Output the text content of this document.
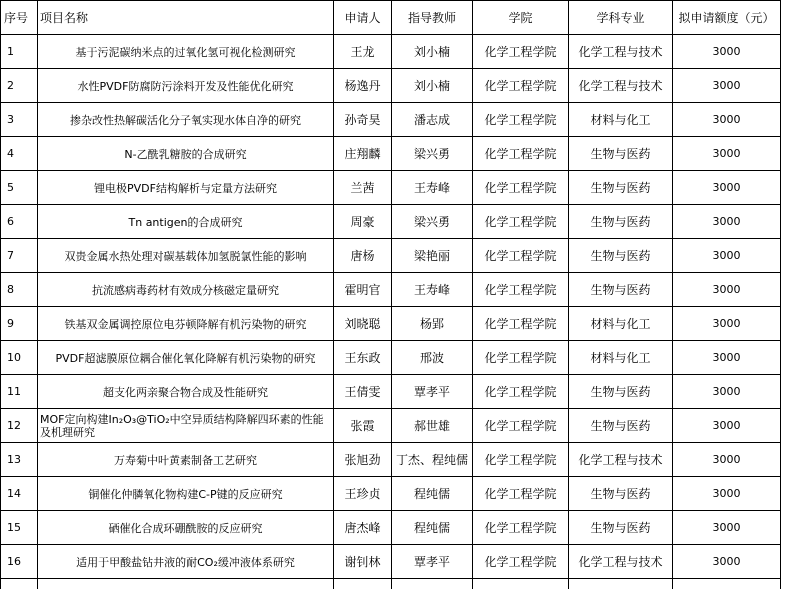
序号	项目名称	申请人	指导教师	学院	学科专业	拟申请额度（元）
1	基于污泥碳纳米点的过氧化氢可视化检测研究	王龙	刘小楠	化学工程学院	化学工程与技术	3000
2	水性PVDF防腐防污涂料开发及性能优化研究	杨逸丹	刘小楠	化学工程学院	化学工程与技术	3000
3	掺杂改性热解碳活化分子氧实现水体自净的研究	孙奇昊	潘志成	化学工程学院	材料与化工	3000
4	N-乙酰乳糖胺的合成研究	庄翔麟	梁兴勇	化学工程学院	生物与医药	3000
5	锂电极PVDF结构解析与定量方法研究	兰茜	王寿峰	化学工程学院	生物与医药	3000
6	Tn antigen的合成研究	周豪	梁兴勇	化学工程学院	生物与医药	3000
7	双贵金属水热处理对碳基载体加氢脱氯性能的影响	唐杨	梁艳丽	化学工程学院	生物与医药	3000
8	抗流感病毒药材有效成分核磁定量研究	霍明官	王寿峰	化学工程学院	生物与医药	3000
9	铁基双金属调控原位电芬顿降解有机污染物的研究	刘晓聪	杨郢	化学工程学院	材料与化工	3000
10	PVDF超滤膜原位耦合催化氧化降解有机污染物的研究	王东政	邢波	化学工程学院	材料与化工	3000
11	超支化两亲聚合物合成及性能研究	王倩雯	覃孝平	化学工程学院	生物与医药	3000
12	MOF定向构建In₂O₃@TiO₂中空异质结构降解四环素的性能及机理研究	张霞	郝世雄	化学工程学院	生物与医药	3000
13	万寿菊中叶黄素制备工艺研究	张旭劲	丁杰、程纯儒	化学工程学院	化学工程与技术	3000
14	铜催化仲膦氧化物构建C-P键的反应研究	王珍贞	程纯儒	化学工程学院	生物与医药	3000
15	硒催化合成环硼酰胺的反应研究	唐杰峰	程纯儒	化学工程学院	生物与医药	3000
16	适用于甲酸盐钻井液的耐CO₂缓冲液体系研究	谢钊林	覃孝平	化学工程学院	化学工程与技术	3000
